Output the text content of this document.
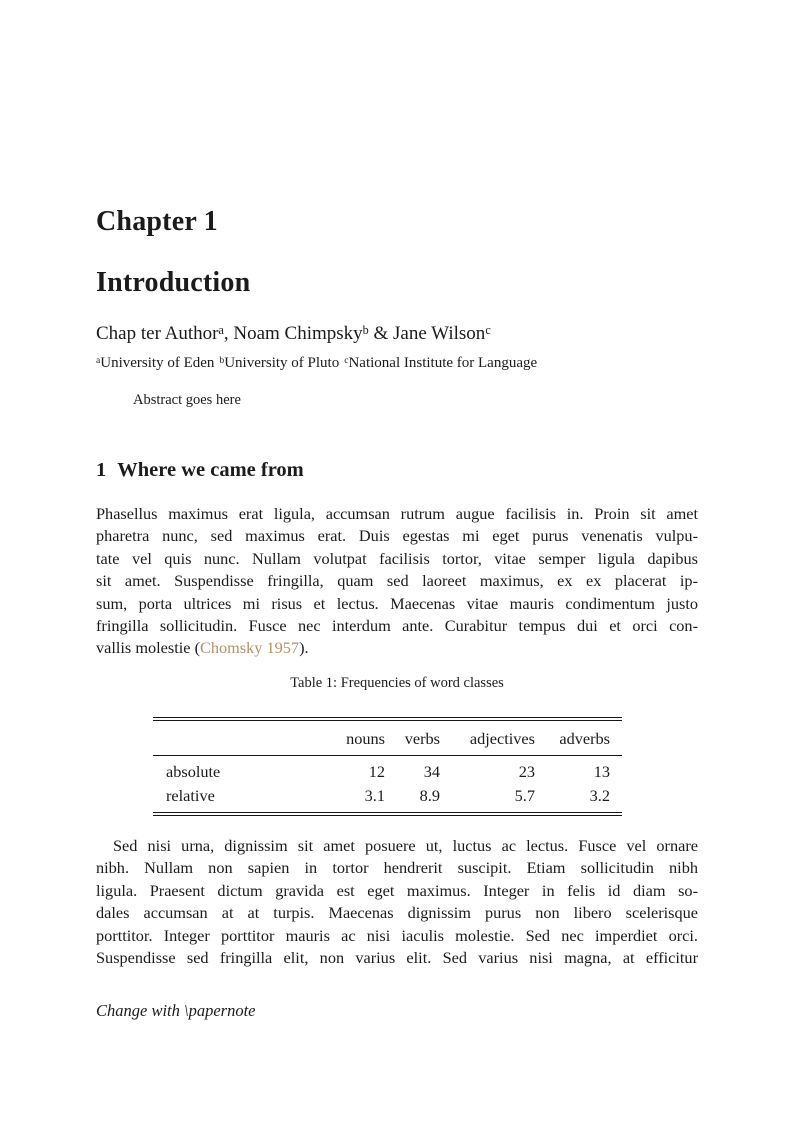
Chapter 1
Introduction
Chap ter Author$^a$, Noam Chimpsky$^b$ & Jane Wilson$^c$
$^a$University of Eden $^b$University of Pluto $^c$National Institute for Language
Abstract goes here
1 Where we came from
Phasellus maximus erat ligula, accumsan rutrum augue facilisis in. Proin sit amet
pharetra nunc, sed maximus erat. Duis egestas mi eget purus venenatis vulpu-
tate vel quis nunc. Nullam volutpat facilisis tortor, vitae semper ligula dapibus
sit amet. Suspendisse fringilla, quam sed laoreet maximus, ex ex placerat ip-
sum, porta ultrices mi risus et lectus. Maecenas vitae mauris condimentum justo
fringilla sollicitudin. Fusce nec interdum ante. Curabitur tempus dui et orci con-
vallis molestie (Chomsky 1957).
Table 1: Frequencies of word classes
	nouns	verbs	adjectives	adverbs
absolute	12	34	23	13
relative	3.1	8.9	5.7	3.2
Sed nisi urna, dignissim sit amet posuere ut, luctus ac lectus. Fusce vel ornare
nibh. Nullam non sapien in tortor hendrerit suscipit. Etiam sollicitudin nibh
ligula. Praesent dictum gravida est eget maximus. Integer in felis id diam so-
dales accumsan at at turpis. Maecenas dignissim purus non libero scelerisque
porttitor. Integer porttitor mauris ac nisi iaculis molestie. Sed nec imperdiet orci.
Suspendisse sed fringilla elit, non varius elit. Sed varius nisi magna, at efficitur
Change with \papernote
